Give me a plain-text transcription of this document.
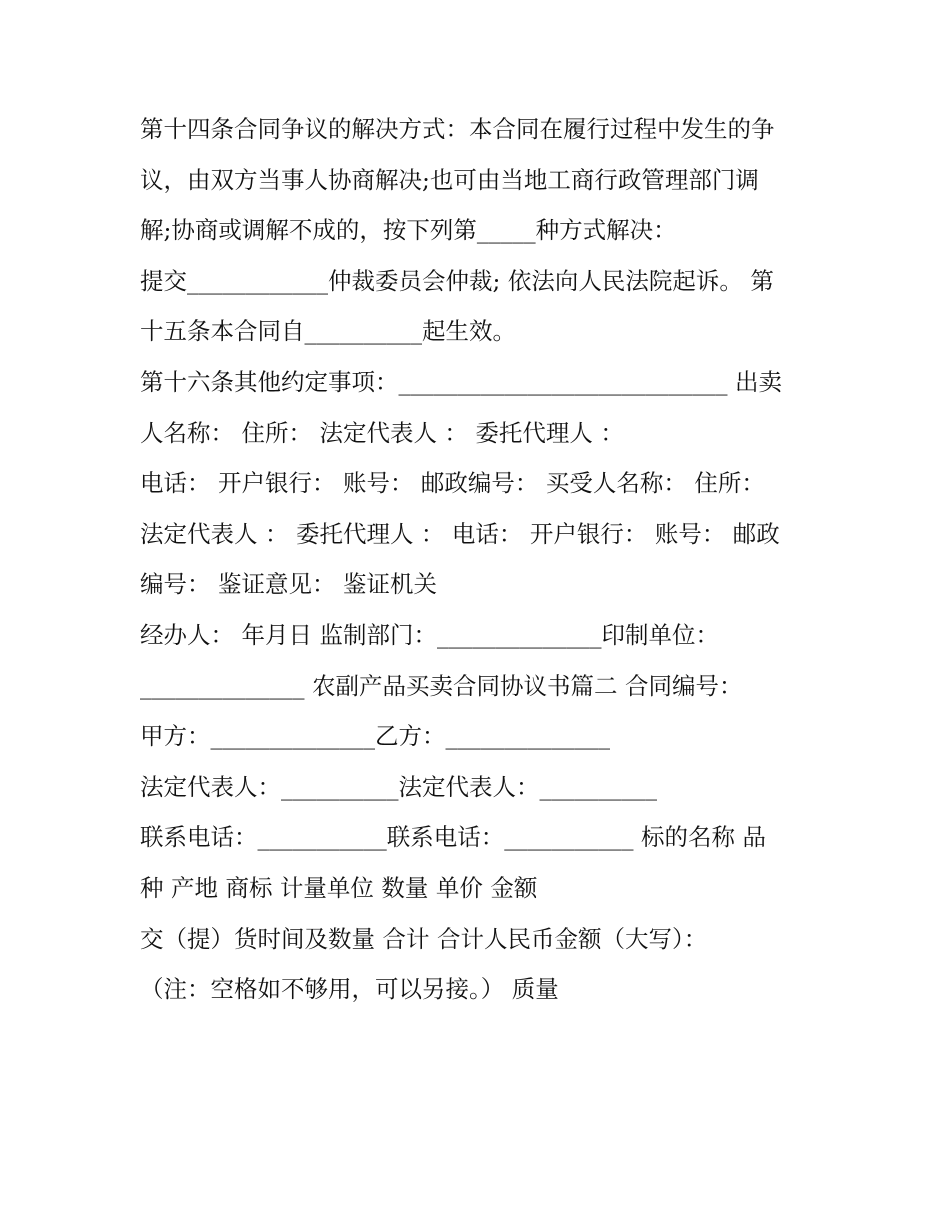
第十四条合同争议的解决方式：本合同在履行过程中发生的争
议，由双方当事人协商解决;也可由当地工商行政管理部门调
解;协商或调解不成的，按下列第_____种方式解决：
提交____________仲裁委员会仲裁; 依法向人民法院起诉。 第
十五条本合同自__________起生效。
第十六条其他约定事项：____________________________ 出卖
人名称： 住所： 法定代表人 ： 委托代理人 ：
电话： 开户银行： 账号： 邮政编号： 买受人名称： 住所：
法定代表人 ： 委托代理人 ： 电话： 开户银行： 账号： 邮政
编号： 鉴证意见： 鉴证机关
经办人： 年月日 监制部门：______________印制单位：
______________ 农副产品买卖合同协议书篇二 合同编号：
甲方：______________乙方：______________
法定代表人：__________法定代表人：__________
联系电话：___________联系电话：___________ 标的名称 品
种 产地 商标 计量单位 数量 单价 金额
交（提）货时间及数量 合计 合计人民币金额（大写）：
（注：空格如不够用，可以另接。） 质量
